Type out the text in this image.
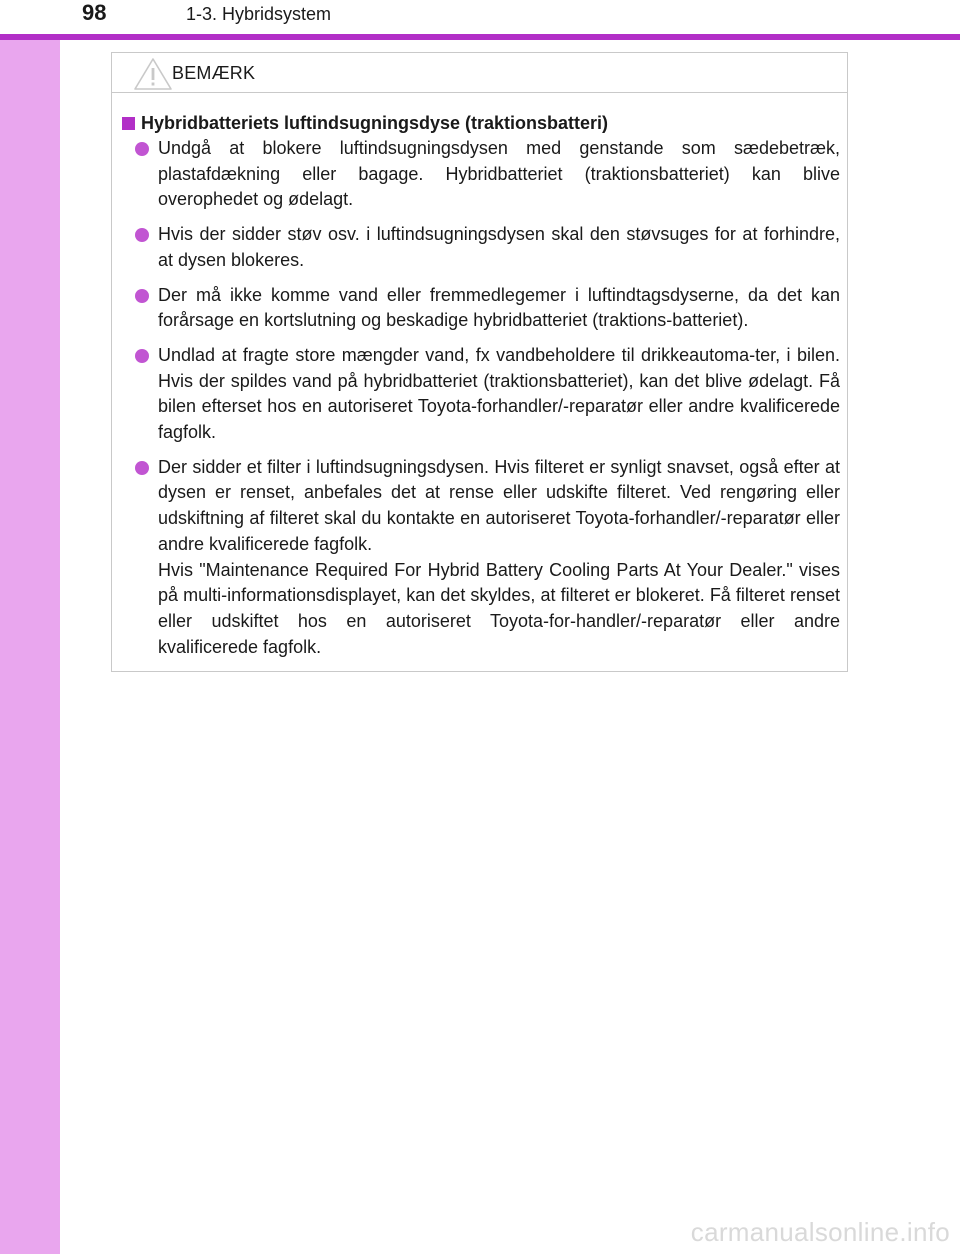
98	1-3. Hybridsystem
BEMÆRK
Hybridbatteriets luftindsugningsdyse (traktionsbatteri)
Undgå at blokere luftindsugningsdysen med genstande som sædebetræk, plastafdækning eller bagage. Hybridbatteriet (traktionsbatteriet) kan blive overophedet og ødelagt.
Hvis der sidder støv osv. i luftindsugningsdysen skal den støvsuges for at forhindre, at dysen blokeres.
Der må ikke komme vand eller fremmedlegemer i luftindtagsdyserne, da det kan forårsage en kortslutning og beskadige hybridbatteriet (traktions-batteriet).
Undlad at fragte store mængder vand, fx vandbeholdere til drikkeautoma-ter, i bilen. Hvis der spildes vand på hybridbatteriet (traktionsbatteriet), kan det blive ødelagt. Få bilen efterset hos en autoriseret Toyota-forhandler/-reparatør eller andre kvalificerede fagfolk.
Der sidder et filter i luftindsugningsdysen. Hvis filteret er synligt snavset, også efter at dysen er renset, anbefales det at rense eller udskifte filteret. Ved rengøring eller udskiftning af filteret skal du kontakte en autoriseret Toyota-forhandler/-reparatør eller andre kvalificerede fagfolk.
Hvis "Maintenance Required For Hybrid Battery Cooling Parts At Your Dealer." vises på multi-informationsdisplayet, kan det skyldes, at filteret er blokeret. Få filteret renset eller udskiftet hos en autoriseret Toyota-for-handler/-reparatør eller andre kvalificerede fagfolk.
carmanualsonline.info
